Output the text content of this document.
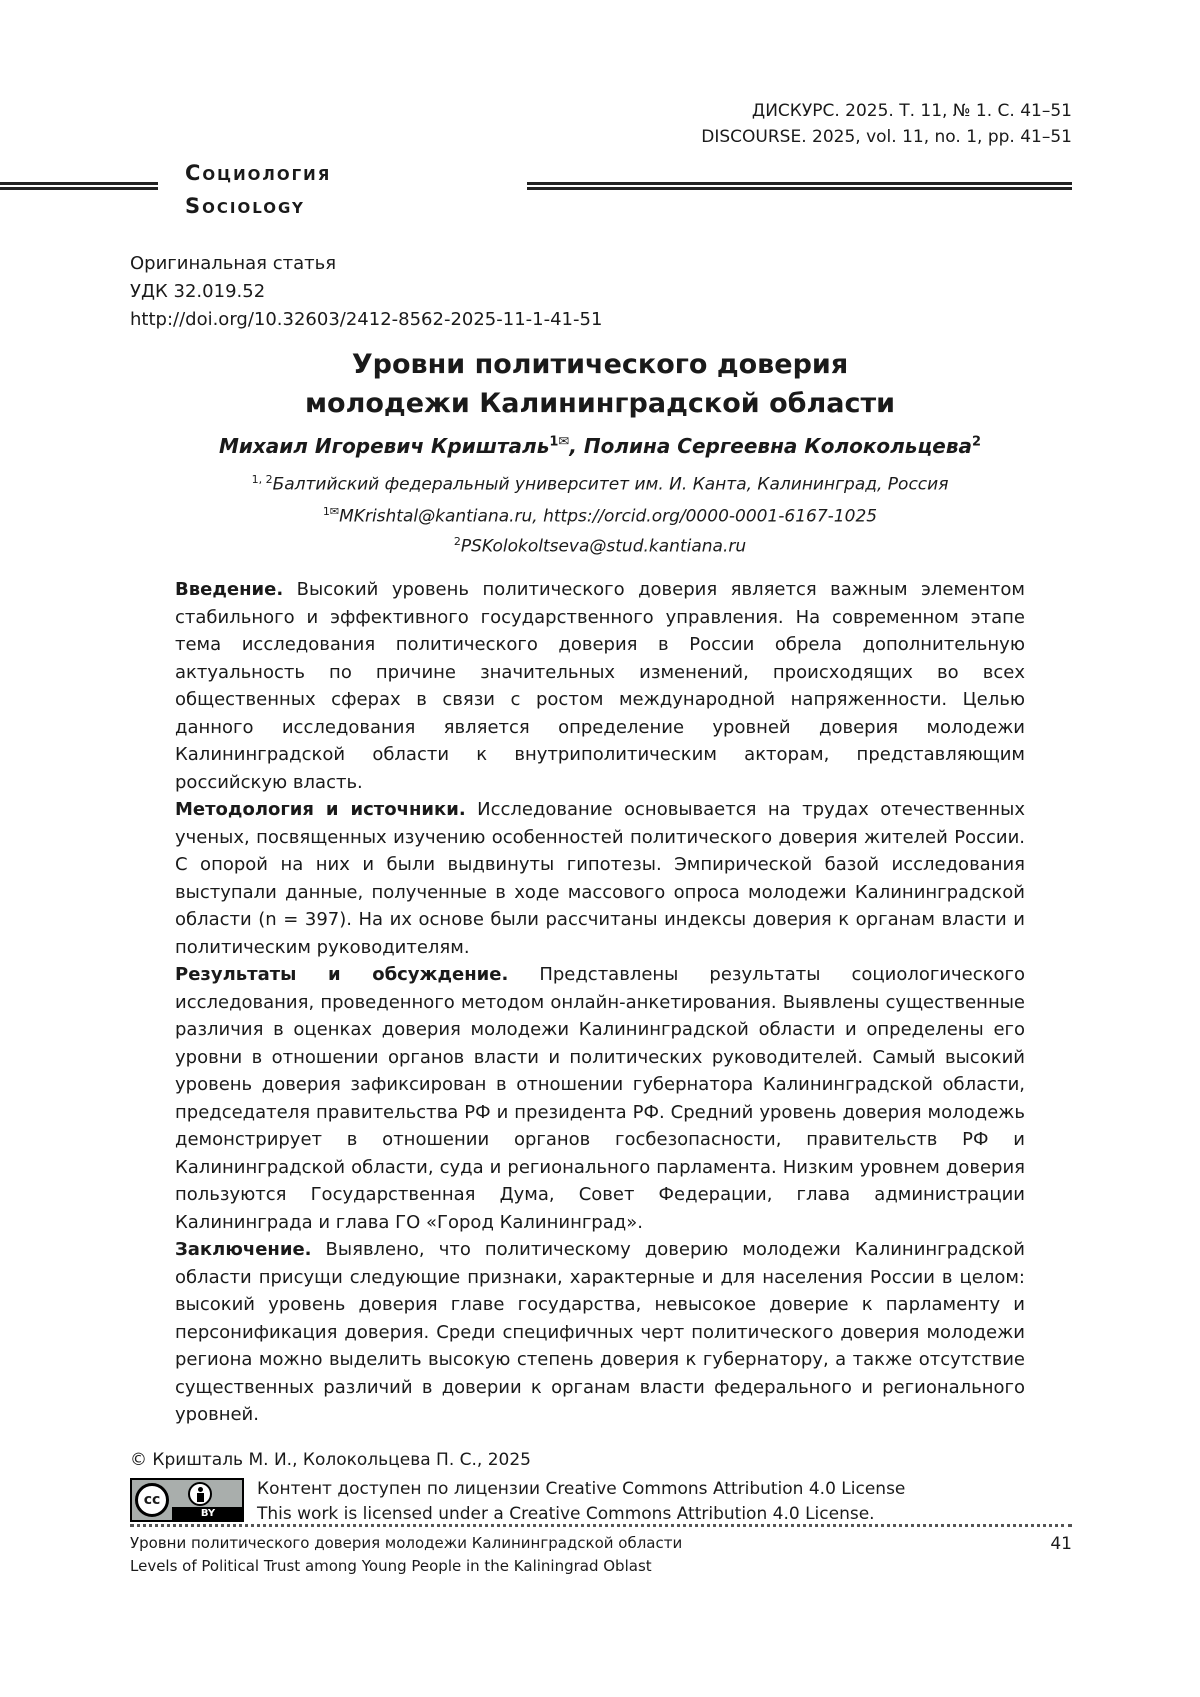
ДИСКУРС. 2025. Т. 11, № 1. С. 41–51
DISCOURSE. 2025, vol. 11, no. 1, pp. 41–51
Социология
Sociology
Оригинальная статья
УДК 32.019.52
http://doi.org/10.32603/2412-8562-2025-11-1-41-51
Уровни политического доверия
молодежи Калининградской области
Михаил Игоревич Кришталь$^{1✉}$, Полина Сергеевна Колокольцева$^2$
$^{1, 2}$Балтийский федеральный университет им. И. Канта, Калининград, Россия
$^{1✉}$MKrishtal@kantiana.ru, https://orcid.org/0000-0001-6167-1025
$^2$PSKolokoltseva@stud.kantiana.ru

Введение. Высокий уровень политического доверия является важным элементом стабильного и эффективного государственного управления. На современном этапе тема исследования политического доверия в России обрела дополнительную актуальность по причине значительных изменений, происходящих во всех общественных сферах в связи с ростом международной напряженности. Целью данного исследования является определение уровней доверия молодежи Калининградской области к внутриполитическим акторам, представляющим российскую власть.

Методология и источники. Исследование основывается на трудах отечественных ученых, посвященных изучению особенностей политического доверия жителей России. С опорой на них и были выдвинуты гипотезы. Эмпирической базой исследования выступали данные, полученные в ходе массового опроса молодежи Калининградской области (n = 397). На их основе были рассчитаны индексы доверия к органам власти и политическим руководителям.

Результаты и обсуждение. Представлены результаты социологического исследования, проведенного методом онлайн-анкетирования. Выявлены существенные различия в оценках доверия молодежи Калининградской области и определены его уровни в отношении органов власти и политических руководителей. Самый высокий уровень доверия зафиксирован в отношении губернатора Калининградской области, председателя правительства РФ и президента РФ. Средний уровень доверия молодежь демонстрирует в отношении органов госбезопасности, правительств РФ и Калининградской области, суда и регионального парламента. Низким уровнем доверия пользуются Государственная Дума, Совет Федерации, глава администрации Калининграда и глава ГО «Город Калининград».

Заключение. Выявлено, что политическому доверию молодежи Калининградской области присущи следующие признаки, характерные и для населения России в целом: высокий уровень доверия главе государства, невысокое доверие к парламенту и персонификация доверия. Среди специфичных черт политического доверия молодежи региона можно выделить высокую степень доверия к губернатору, а также отсутствие существенных различий в доверии к органам власти федерального и регионального уровней.

© Кришталь М. И., Колокольцева П. С., 2025
cc
BY
Контент доступен по лицензии Creative Commons Attribution 4.0 License
This work is licensed under a Creative Commons Attribution 4.0 License.
Уровни политического доверия молодежи Калининградской области
Levels of Political Trust among Young People in the Kaliningrad Oblast
41
